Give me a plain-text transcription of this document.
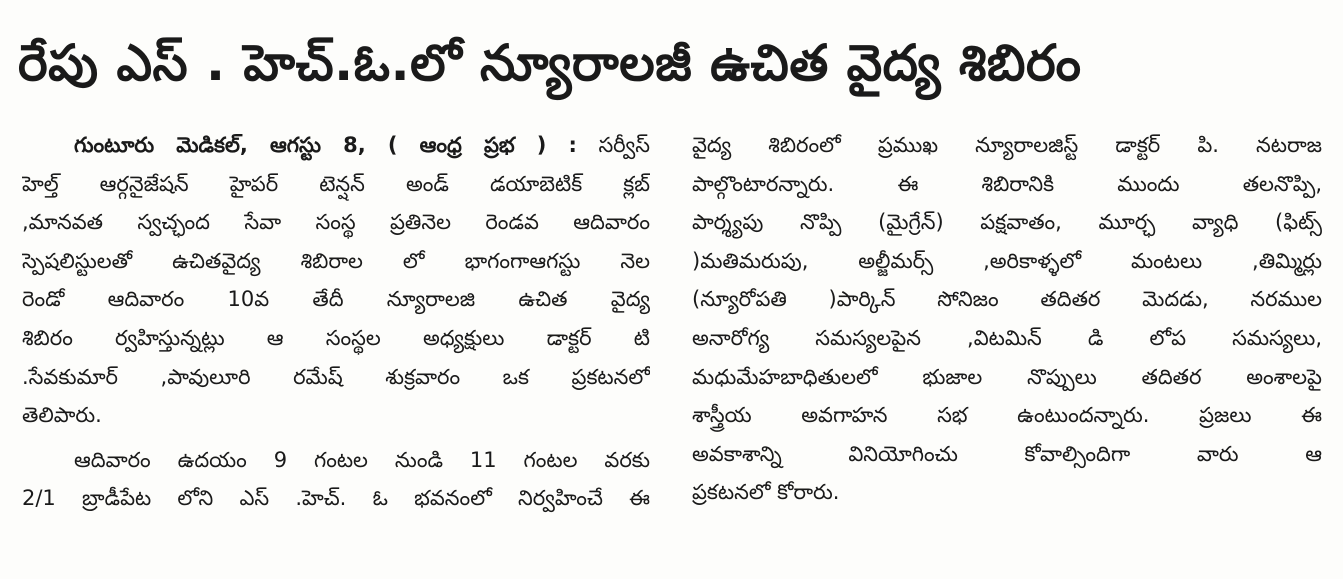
రేపు ఎస్ . హెచ్.ఓ.లో న్యూరాలజీ ఉచిత వైద్య శిబిరం
గుంటూరు మెడికల్, ఆగస్టు 8, ( ఆంధ్ర ప్రభ ) : సర్వీస్
హెల్త్ ఆర్గనైజేషన్ హైపర్ టెన్షన్ అండ్ డయాబెటిక్ క్లబ్
,మానవత స్వచ్ఛంద సేవా సంస్థ ప్రతినెల రెండవ ఆదివారం
స్పెషలిస్టులతో ఉచితవైద్య శిబిరాల లో భాగంగాఆగస్టు నెల
రెండో ఆదివారం 10వ తేదీ న్యూరాలజి ఉచిత వైద్య
శిబిరం ర్వహిస్తున్నట్లు ఆ సంస్థల అధ్యక్షులు డాక్టర్ టి
.సేవకుమార్ ,పావులూరి రమేష్ శుక్రవారం ఒక ప్రకటనలో
తెలిపారు.
ఆదివారం ఉదయం 9 గంటల నుండి 11 గంటల వరకు
2/1 బ్రాడీపేట లోని ఎస్ .హెచ్. ఓ భవనంలో నిర్వహించే ఈ
వైద్య శిబిరంలో ప్రముఖ న్యూరాలజిస్ట్ డాక్టర్ పి. నటరాజ
పాల్గొంటారన్నారు. ఈ శిబిరానికి ముందు తలనొప్పి,
పార్శ్యపు నొప్పి (మైగ్రేన్) పక్షవాతం, మూర్ఛ వ్యాధి (ఫిట్స్
)మతిమరుపు, అల్జీమర్స్ ,అరికాళ్ళలో మంటలు ,తిమ్మిర్లు
(న్యూరోపతి )పార్కిన్ సోనిజం తదితర మెదడు, నరముల
అనారోగ్య సమస్యలపైన ,విటమిన్ డి లోప సమస్యలు,
మధుమేహబాధితులలో భుజాల నొప్పులు తదితర అంశాలపై
శాస్త్రీయ అవగాహన సభ ఉంటుందన్నారు. ప్రజలు ఈ
అవకాశాన్ని వినియోగించు కోవాల్సిందిగా వారు ఆ
ప్రకటనలో కోరారు.
